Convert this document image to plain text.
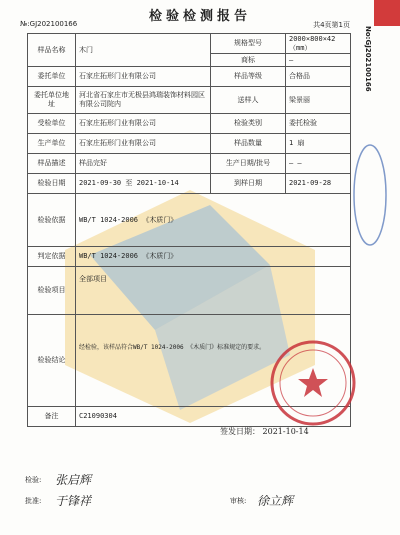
№:GJ202100166	检验检测报告
共4页第1页
样品名称	木门	规格型号	2000×800×42（mm）
		商标	—
委托单位	石家庄拓形门业有限公司	样品等级	合格品
委托单位地址	河北省石家庄市无极县鸿瑞装饰材料园区有限公司院内	送样人	梁景丽
受检单位	石家庄拓形门业有限公司	检验类别	委托检验
生产单位	石家庄拓形门业有限公司	样品数量	1 扇
样品描述	样品完好	生产日期/批号	— —
检验日期	2021-09-30 至 2021-10-14	到样日期	2021-09-28
检验依据	WB/T 1024-2006 《木质门》		
判定依据	WB/T 1024-2006 《木质门》		
检验项目	全部项目		
检验结论	经检验，该样品符合WB/T 1024-2006 《木质门》标准规定的要求。		
备注	C21090304		
签发日期： 2021-10-14
检验: 张启辉
批准: 于锋祥	审核: 徐立辉
No:GJ202100166
